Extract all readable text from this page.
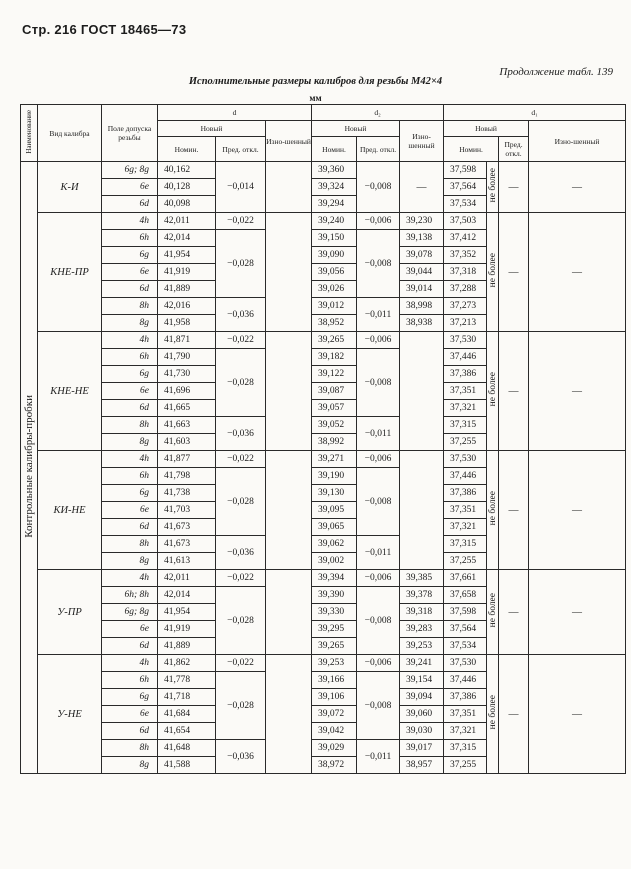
Стр. 216 ГОСТ 18465—73
Продолжение табл. 139
Исполнительные размеры калибров для резьбы М42×4
мм
Наименование	Вид калибра	Поле допуска резьбы	d			d₂			d₁			
			Новый		Изно-шенный	Новый		Изно-шенный	Новый			Изно-шенный
			Номин.	Пред. откл.		Номин.	Пред. откл.		Номин.		Пред. откл.	
Контрольные калибры-пробки	К-И	6g; 8g	40,162	−0,014		39,360	−0,008	—	37,598	не более	—	—
		6e	40,128			39,324			37,564			
		6d	40,098			39,294			37,534			
	КНЕ-ПР	4h	42,011	−0,022		39,240	−0,006	39,230	37,503	не более	—	—
		6h	42,014	−0,028		39,150	−0,008	39,138	37,412			
		6g	41,954			39,090		39,078	37,352			
		6e	41,919			39,056		39,044	37,318			
		6d	41,889			39,026		39,014	37,288			
		8h	42,016	−0,036		39,012	−0,011	38,998	37,273			
		8g	41,958			38,952		38,938	37,213			
	КНЕ-НЕ	4h	41,871	−0,022		39,265	−0,006		37,530	не более	—	—
		6h	41,790	−0,028		39,182	−0,008		37,446			
		6g	41,730			39,122			37,386			
		6e	41,696			39,087			37,351			
		6d	41,665			39,057			37,321			
		8h	41,663	−0,036		39,052	−0,011		37,315			
		8g	41,603			38,992			37,255			
	КИ-НЕ	4h	41,877	−0,022		39,271	−0,006		37,530	не более	—	—
		6h	41,798	−0,028		39,190	−0,008		37,446			
		6g	41,738			39,130			37,386			
		6e	41,703			39,095			37,351			
		6d	41,673			39,065			37,321			
		8h	41,673	−0,036		39,062	−0,011		37,315			
		8g	41,613			39,002			37,255			
	У-ПР	4h	42,011	−0,022		39,394	−0,006	39,385	37,661	не более	—	—
		6h; 8h	42,014	−0,028		39,390	−0,008	39,378	37,658			
		6g; 8g	41,954			39,330		39,318	37,598			
		6e	41,919			39,295		39,283	37,564			
		6d	41,889			39,265		39,253	37,534			
	У-НЕ	4h	41,862	−0,022		39,253	−0,006	39,241	37,530	не более	—	—
		6h	41,778	−0,028		39,166	−0,008	39,154	37,446			
		6g	41,718			39,106		39,094	37,386			
		6e	41,684			39,072		39,060	37,351			
		6d	41,654			39,042		39,030	37,321			
		8h	41,648	−0,036		39,029	−0,011	39,017	37,315			
		8g	41,588			38,972		38,957	37,255			
